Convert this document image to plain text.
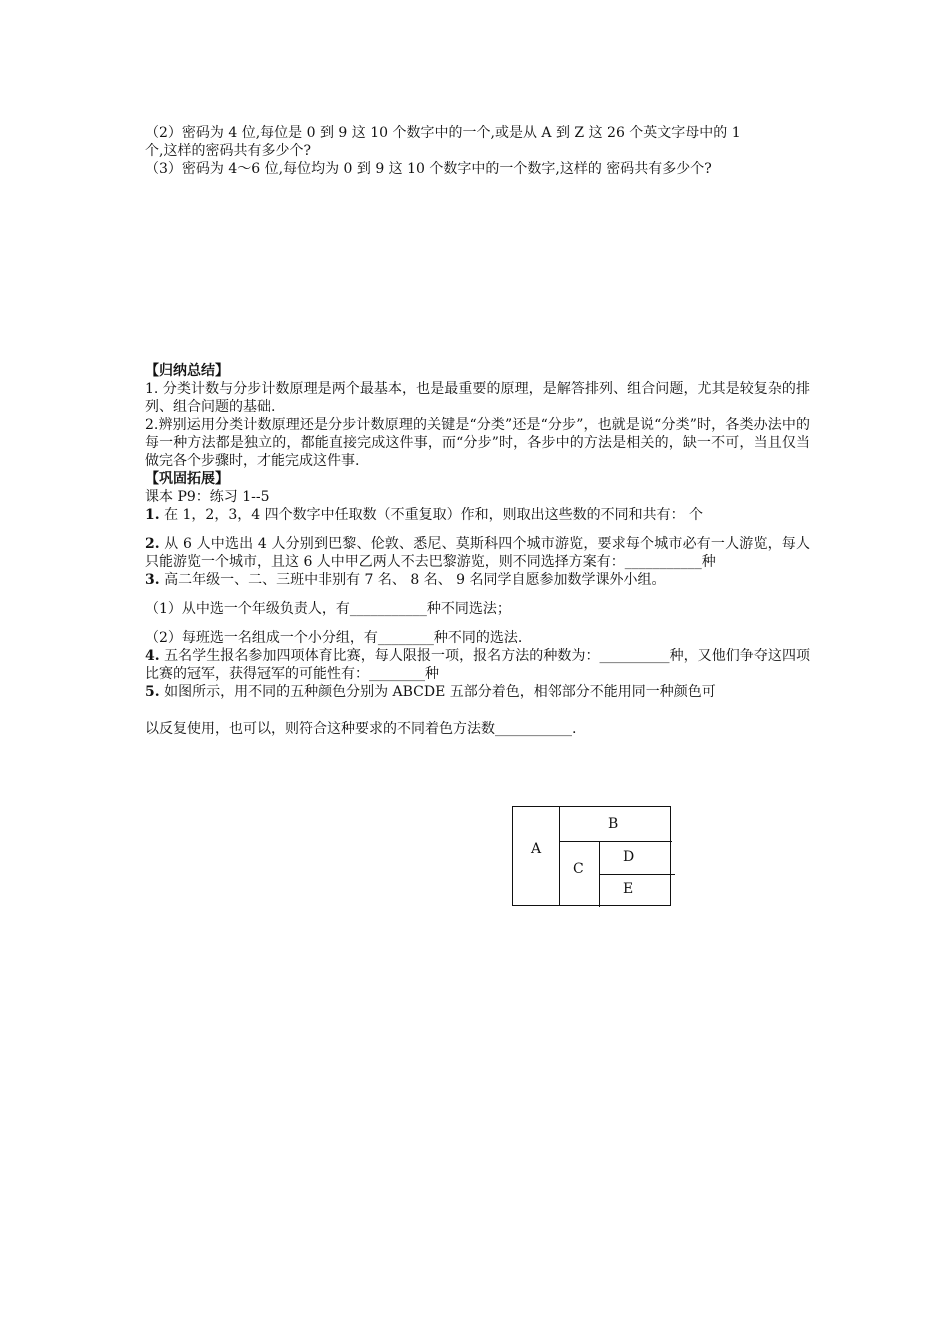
（2）密码为 4 位,每位是 0 到 9 这 10 个数字中的一个,或是从 A 到 Z 这 26 个英文字母中的 1
个,这样的密码共有多少个?
（3）密码为 4～6 位,每位均为 0 到 9 这 10 个数字中的一个数字,这样的 密码共有多少个?
【归纳总结】
1. 分类计数与分步计数原理是两个最基本，也是最重要的原理，是解答排列、组合问题，尤其是较复杂的排列、组合问题的基础.
2.辨别运用分类计数原理还是分步计数原理的关键是“分类”还是“分步”，也就是说“分类”时，各类办法中的每一种方法都是独立的，都能直接完成这件事，而“分步”时，各步中的方法是相关的，缺一不可，当且仅当做完各个步骤时，才能完成这件事.
【巩固拓展】
课本 P9：练习 1--5
1. 在 1，2，3，4 四个数字中任取数（不重复取）作和，则取出这些数的不同和共有： 个
2. 从 6 人中选出 4 人分别到巴黎、伦敦、悉尼、莫斯科四个城市游览，要求每个城市必有一人游览，每人只能游览一个城市，且这 6 人中甲乙两人不去巴黎游览，则不同选择方案有：___________种
3. 高二年级一、二、三班中非别有 7 名、 8 名、 9 名同学自愿参加数学课外小组。
（1）从中选一个年级负责人，有___________种不同选法；
（2）每班选一名组成一个小分组，有________种不同的选法.
4. 五名学生报名参加四项体育比赛，每人限报一项，报名方法的种数为：__________种，又他们争夺这四项比赛的冠军，获得冠军的可能性有：________种
5. 如图所示，用不同的五种颜色分别为 ABCDE 五部分着色，相邻部分不能用同一种颜色可
以反复使用，也可以，则符合这种要求的不同着色方法数___________.
A
B
C
D
E
